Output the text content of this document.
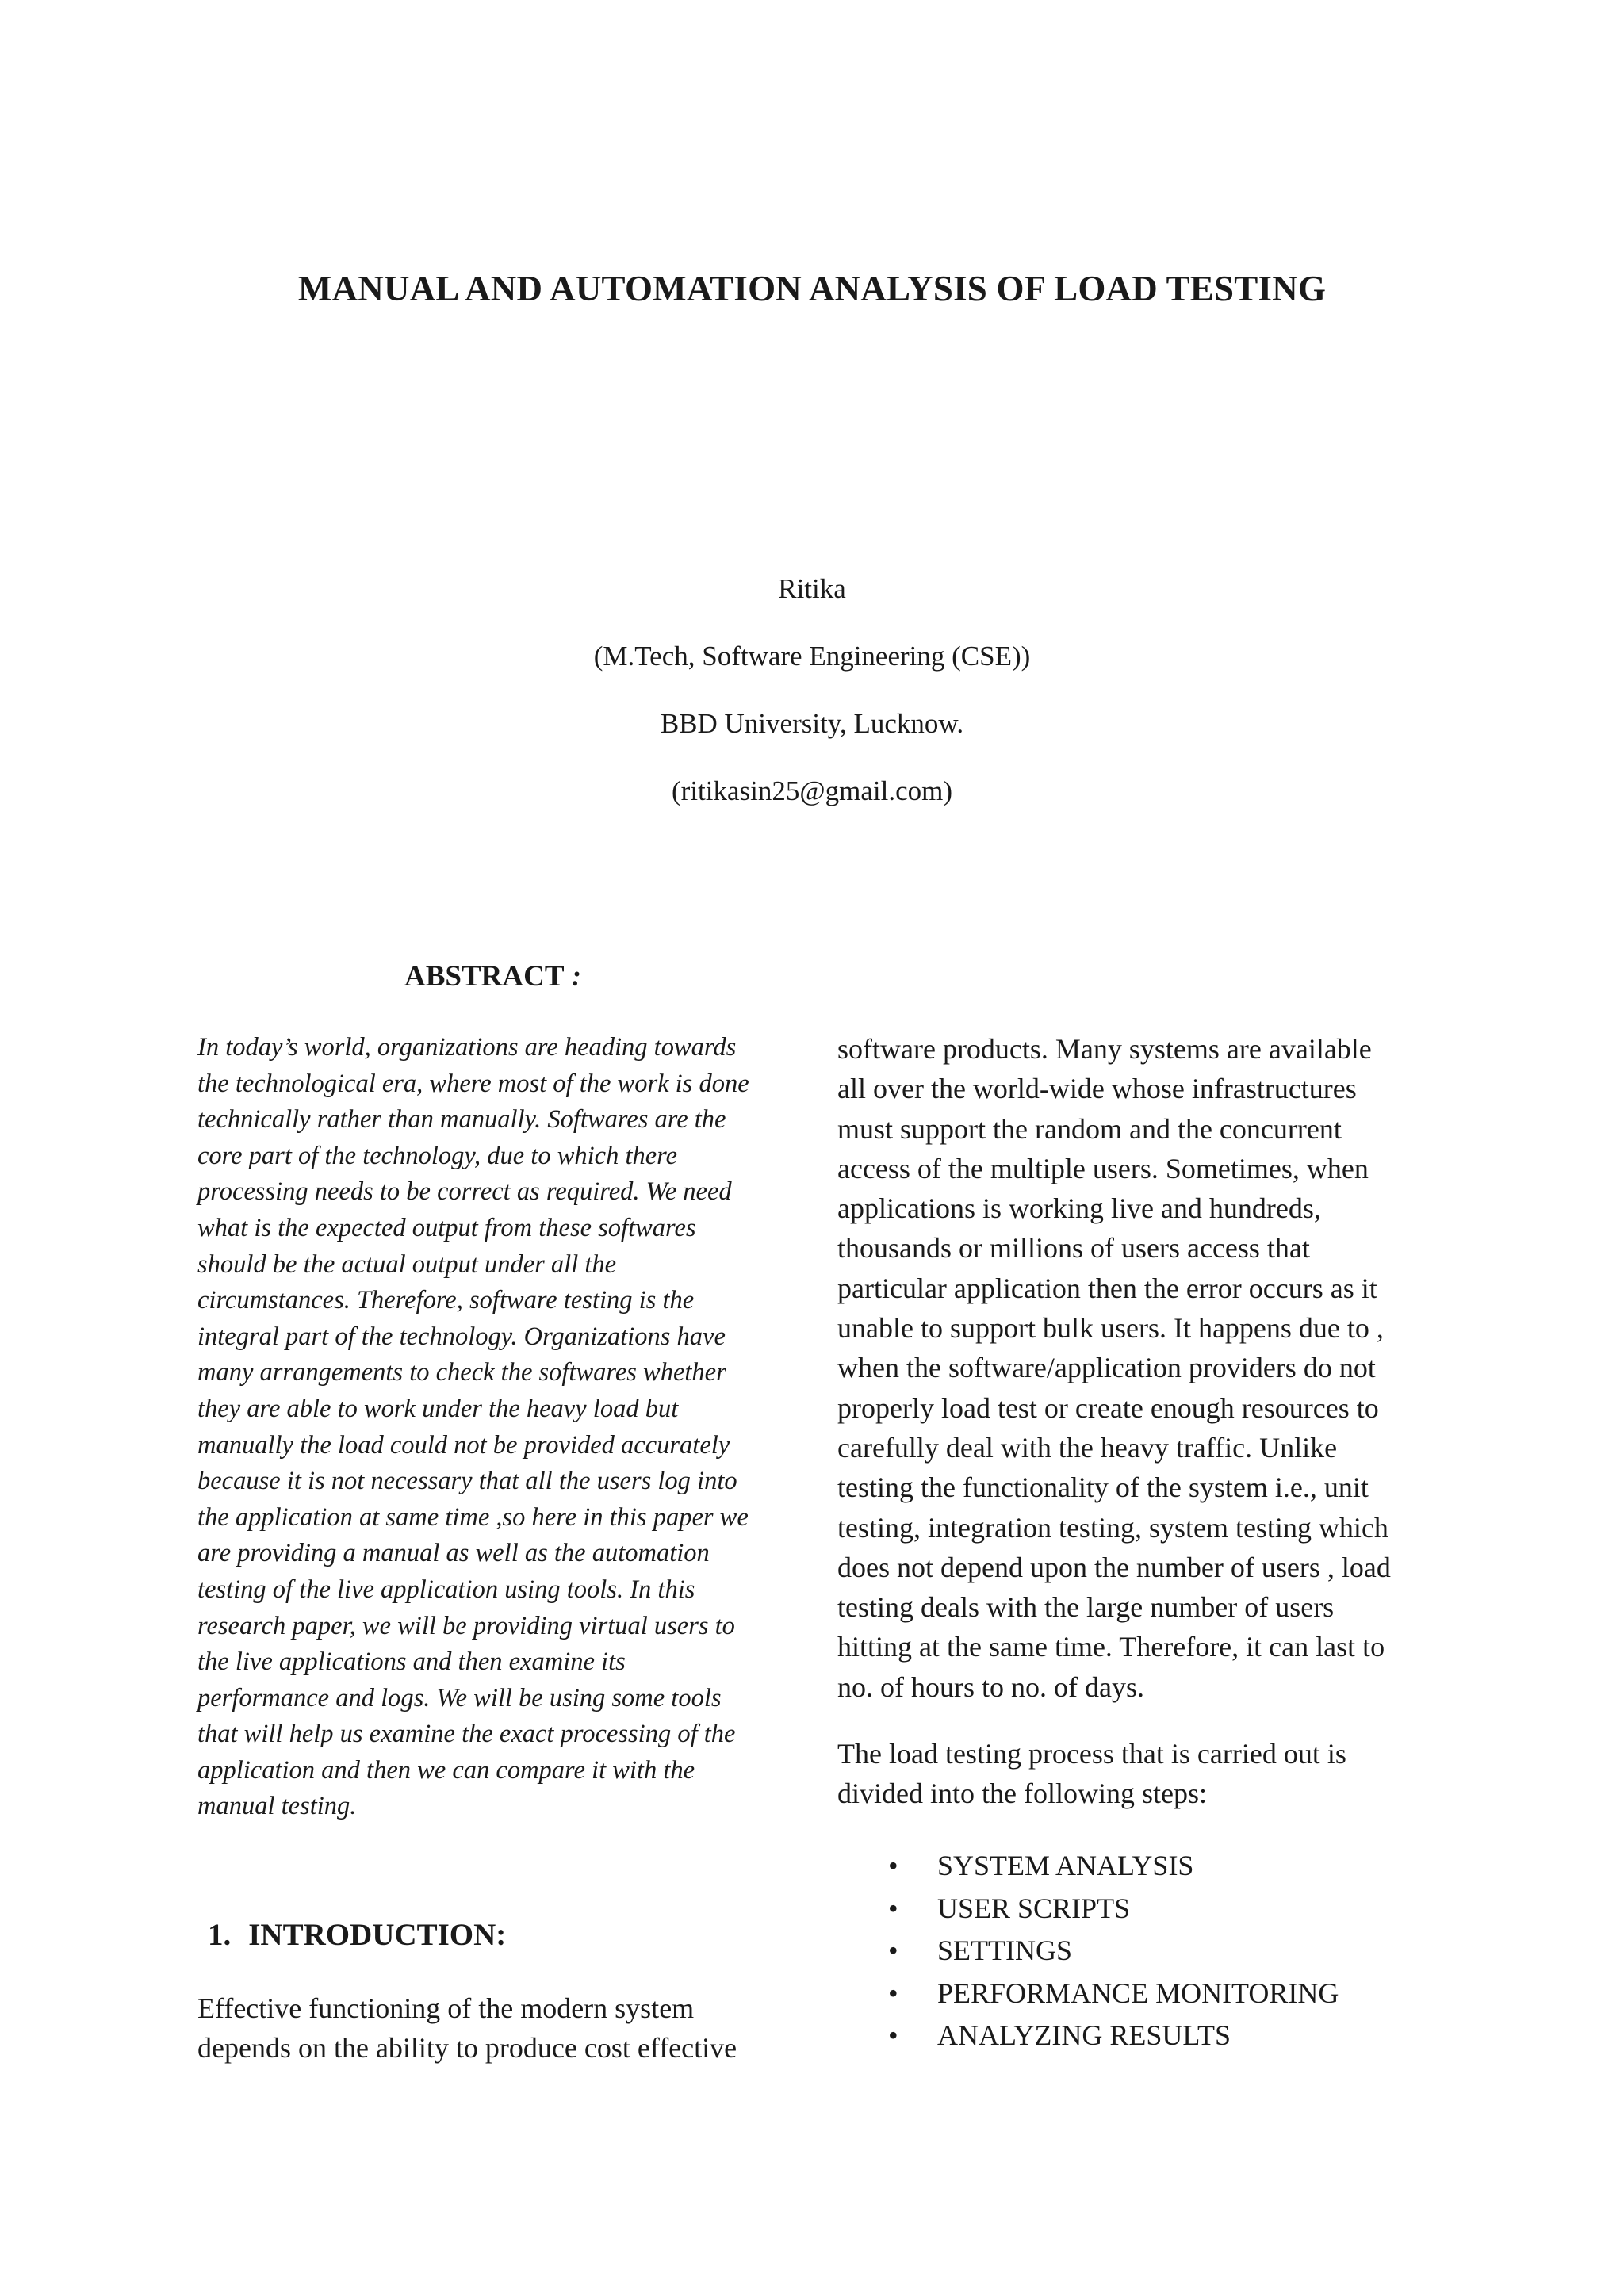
MANUAL AND AUTOMATION ANALYSIS OF LOAD TESTING
Ritika
(M.Tech, Software Engineering (CSE))
BBD University, Lucknow.
(ritikasin25@gmail.com)
ABSTRACT :
In today’s world, organizations are heading towards
the technological era, where most of the work is done
technically rather than manually. Softwares are the
core part of the technology, due to which there
processing needs to be correct as required. We need
what is the expected output from these softwares
should be the actual output under all the
circumstances. Therefore, software testing is the
integral part of the technology. Organizations have
many arrangements to check the softwares whether
they are able to work under the heavy load but
manually the load could not be provided accurately
because it is not necessary that all the users log into
the application at same time ,so here in this paper we
are providing a manual as well as the automation
testing of the live application using tools. In this
research paper, we will be providing virtual users to
the live applications and then examine its
performance and logs. We will be using some tools
that will help us examine the exact processing of the
application and then we can compare it with the
manual testing.
1. INTRODUCTION:
Effective functioning of the modern system
depends on the ability to produce cost effective
software products. Many systems are available
all over the world-wide whose infrastructures
must support the random and the concurrent
access of the multiple users. Sometimes, when
applications is working live and hundreds,
thousands or millions of users access that
particular application then the error occurs as it
unable to support bulk users. It happens due to ,
when the software/application providers do not
properly load test or create enough resources to
carefully deal with the heavy traffic. Unlike
testing the functionality of the system i.e., unit
testing, integration testing, system testing which
does not depend upon the number of users , load
testing deals with the large number of users
hitting at the same time. Therefore, it can last to
no. of hours to no. of days.
The load testing process that is carried out is
divided into the following steps:
• SYSTEM ANALYSIS
• USER SCRIPTS
• SETTINGS
• PERFORMANCE MONITORING
• ANALYZING RESULTS
